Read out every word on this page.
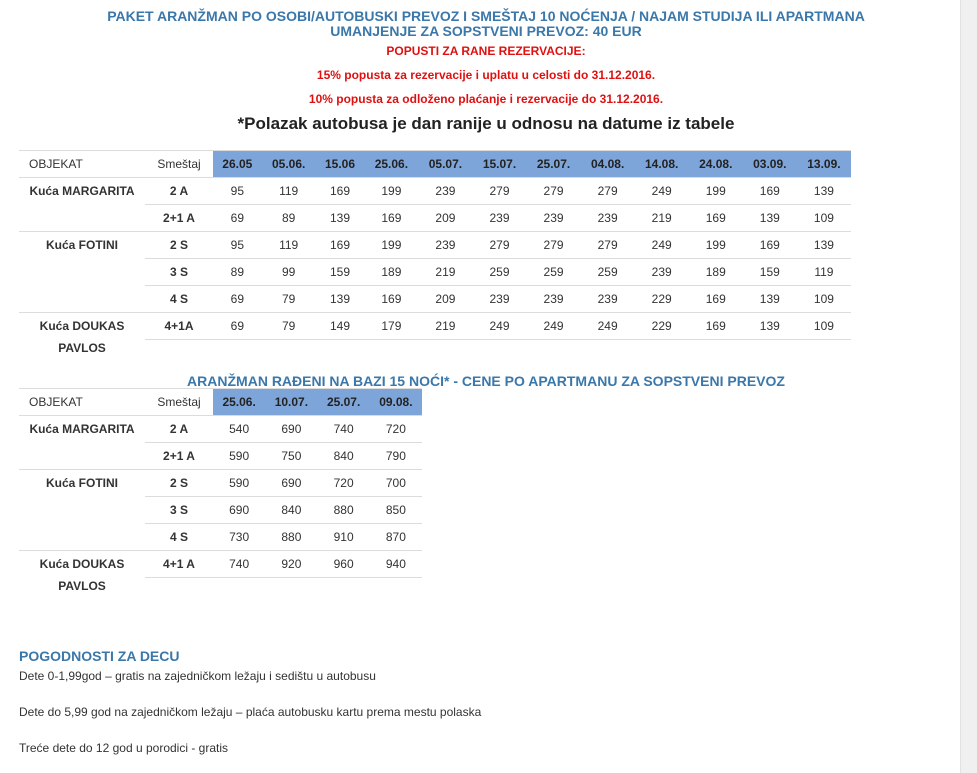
PAKET ARANŽMAN PO OSOBI/AUTOBUSKI PREVOZ I SMEŠTAJ 10 NOĆENJA / NAJAM STUDIJA ILI APARTMANA
UMANJENJE ZA SOPSTVENI PREVOZ: 40 EUR
POPUSTI ZA RANE REZERVACIJE:
15% popusta za rezervacije i uplatu u celosti do 31.12.2016.
10% popusta za odloženo plaćanje i rezervacije do 31.12.2016.
*Polazak autobusa je dan ranije u odnosu na datume iz tabele
OBJEKAT	Smeštaj	26.05	05.06.	15.06	25.06.	05.07.	15.07.	25.07.	04.08.	14.08.	24.08.	03.09.	13.09.
Kuća MARGARITA	2 A	95	119	169	199	239	279	279	279	249	199	169	139
	2+1 A	69	89	139	169	209	239	239	239	219	169	139	109
Kuća FOTINI	2 S	95	119	169	199	239	279	279	279	249	199	169	139
	3 S	89	99	159	189	219	259	259	259	239	189	159	119
	4 S	69	79	139	169	209	239	239	239	229	169	139	109
Kuća DOUKAS PAVLOS	4+1A	69	79	149	179	219	249	249	249	229	169	139	109

ARANŽMAN RAĐENI NA BAZI 15 NOĆI* - CENE PO APARTMANU ZA SOPSTVENI PREVOZ
OBJEKAT	Smeštaj	25.06.	10.07.	25.07.	09.08.
Kuća MARGARITA	2 A	540	690	740	720
	2+1 A	590	750	840	790
Kuća FOTINI	2 S	590	690	720	700
	3 S	690	840	880	850
	4 S	730	880	910	870
Kuća DOUKAS PAVLOS	4+1 A	740	920	960	940

POGODNOSTI ZA DECU
Dete 0-1,99god – gratis na zajedničkom ležaju i sedištu u autobusu
Dete do 5,99 god na zajedničkom ležaju – plaća autobusku kartu prema mestu polaska
Treće dete do 12 god u porodici - gratis
